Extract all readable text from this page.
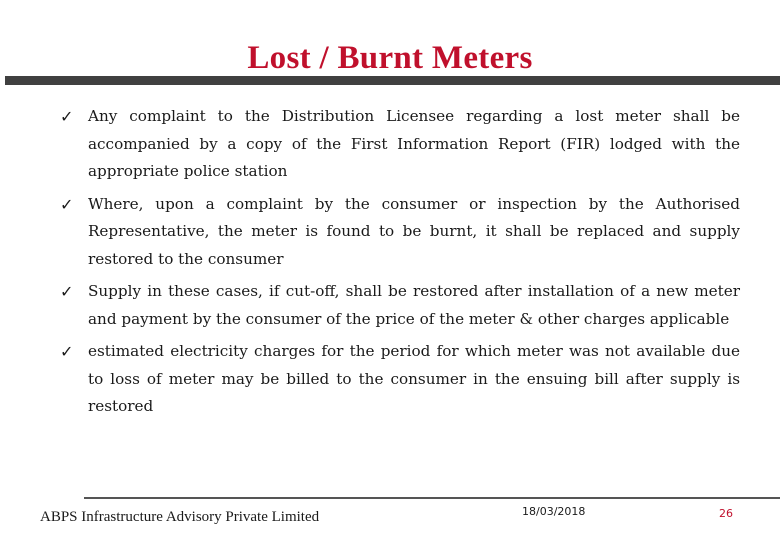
Lost / Burnt Meters
✓ Any complaint to the Distribution Licensee regarding a lost meter shall be accompanied by a copy of the First Information Report (FIR) lodged with the appropriate police station
✓ Where, upon a complaint by the consumer or inspection by the Authorised Representative, the meter is found to be burnt, it shall be replaced and supply restored to the consumer
✓ Supply in these cases, if cut-off, shall be restored after installation of a new meter and payment by the consumer of the price of the meter & other charges applicable
✓ estimated electricity charges for the period for which meter was not available due to loss of meter may be billed to the consumer in the ensuing bill after supply is restored
ABPS Infrastructure Advisory Private Limited	18/03/2018	26
